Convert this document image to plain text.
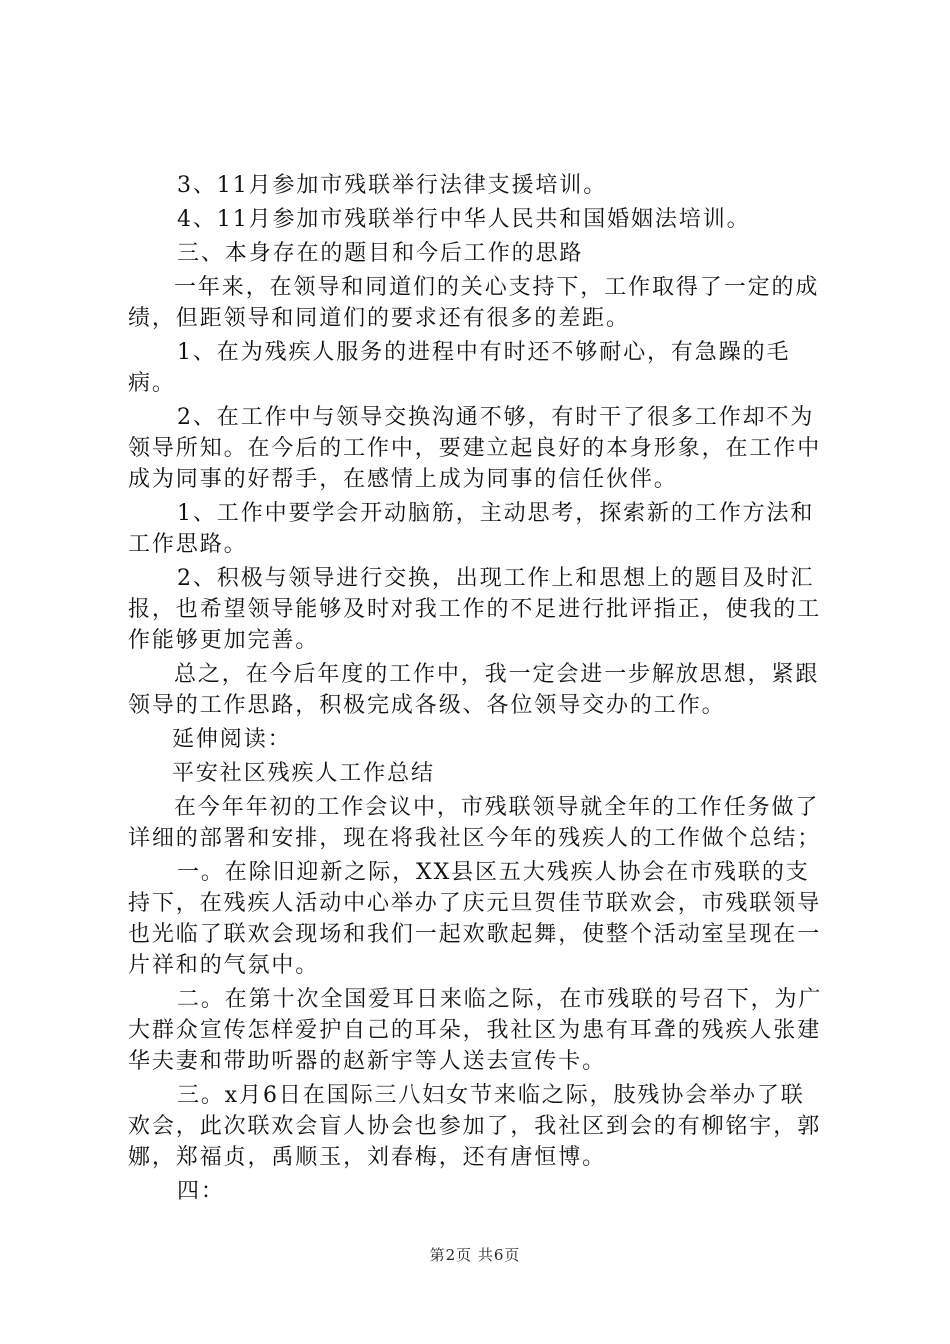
3、11月参加市残联举行法律支援培训。

4、11月参加市残联举行中华人民共和国婚姻法培训。

三、本身存在的题目和今后工作的思路

一年来，在领导和同道们的关心支持下，工作取得了一定的成绩，但距领导和同道们的要求还有很多的差距。

1、在为残疾人服务的进程中有时还不够耐心，有急躁的毛病。

2、在工作中与领导交换沟通不够，有时干了很多工作却不为领导所知。在今后的工作中，要建立起良好的本身形象，在工作中成为同事的好帮手，在感情上成为同事的信任伙伴。

1、工作中要学会开动脑筋，主动思考，探索新的工作方法和工作思路。

2、积极与领导进行交换，出现工作上和思想上的题目及时汇报，也希望领导能够及时对我工作的不足进行批评指正，使我的工作能够更加完善。

总之，在今后年度的工作中，我一定会进一步解放思想，紧跟领导的工作思路，积极完成各级、各位领导交办的工作。

延伸阅读：

平安社区残疾人工作总结

在今年年初的工作会议中，市残联领导就全年的工作任务做了详细的部署和安排，现在将我社区今年的残疾人的工作做个总结；

一。在除旧迎新之际，XX县区五大残疾人协会在市残联的支持下，在残疾人活动中心举办了庆元旦贺佳节联欢会，市残联领导也光临了联欢会现场和我们一起欢歌起舞，使整个活动室呈现在一片祥和的气氛中。

二。在第十次全国爱耳日来临之际，在市残联的号召下，为广大群众宣传怎样爱护自己的耳朵，我社区为患有耳聋的残疾人张建华夫妻和带助听器的赵新宇等人送去宣传卡。

三。x月6日在国际三八妇女节来临之际，肢残协会举办了联欢会，此次联欢会盲人协会也参加了，我社区到会的有柳铭宇，郭娜，郑福贞，禹顺玉，刘春梅，还有唐恒博。

四：

第2页 共6页
